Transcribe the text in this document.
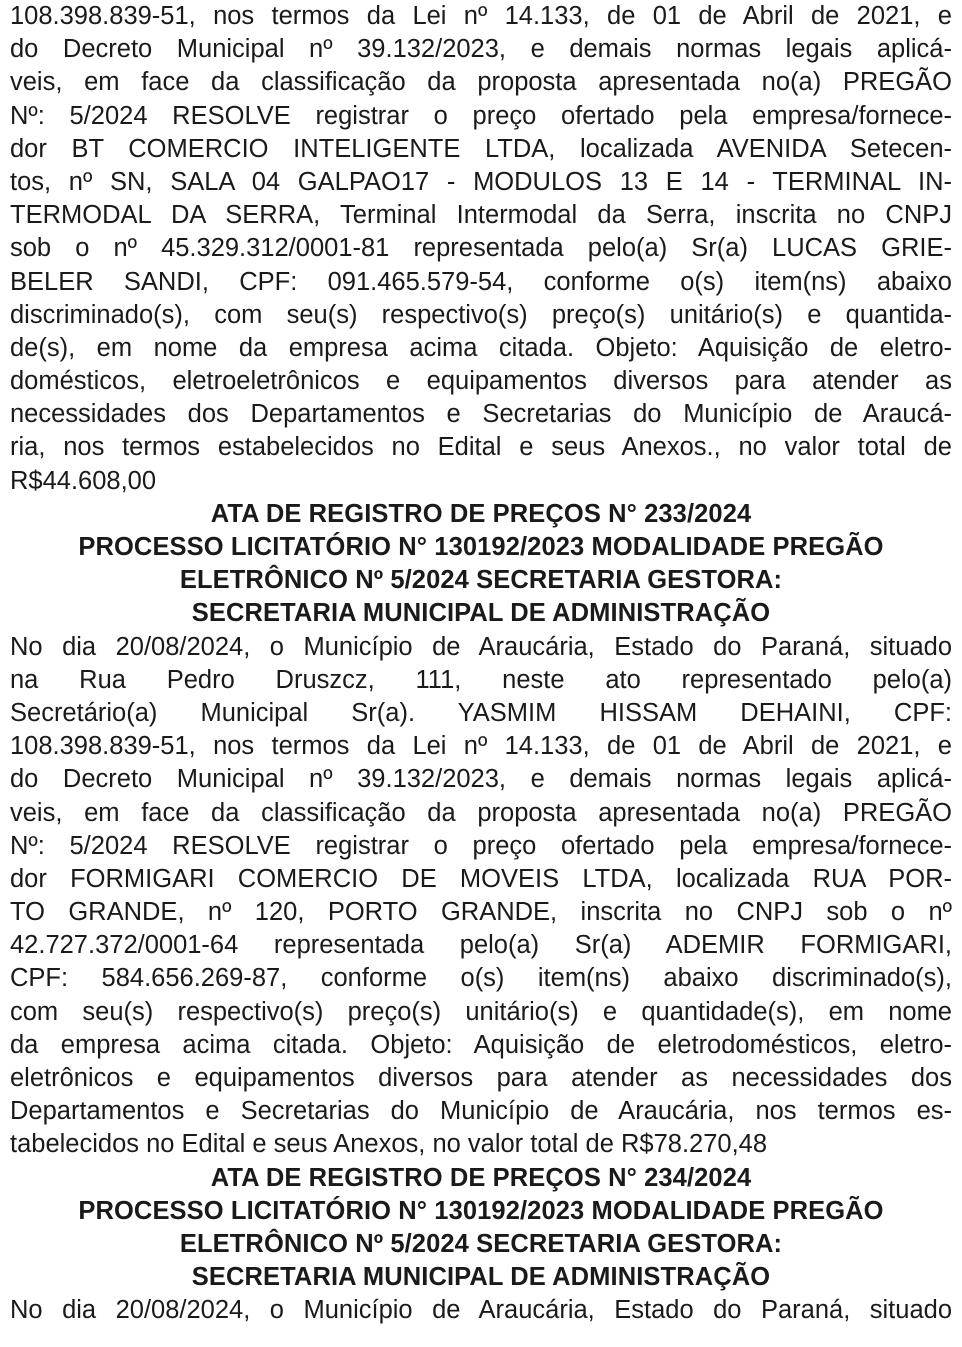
108.398.839-51, nos termos da Lei nº 14.133, de 01 de Abril de 2021, e
do Decreto Municipal nº 39.132/2023, e demais normas legais aplicá-
veis, em face da classificação da proposta apresentada no(a) PREGÃO
Nº: 5/2024 RESOLVE registrar o preço ofertado pela empresa/fornece-
dor BT COMERCIO INTELIGENTE LTDA, localizada AVENIDA Setecen-
tos, nº SN, SALA 04 GALPAO17 - MODULOS 13 E 14 - TERMINAL IN-
TERMODAL DA SERRA, Terminal Intermodal da Serra, inscrita no CNPJ
sob o nº 45.329.312/0001-81 representada pelo(a) Sr(a) LUCAS GRIE-
BELER SANDI, CPF: 091.465.579-54, conforme o(s) item(ns) abaixo
discriminado(s), com seu(s) respectivo(s) preço(s) unitário(s) e quantida-
de(s), em nome da empresa acima citada. Objeto: Aquisição de eletro-
domésticos, eletroeletrônicos e equipamentos diversos para atender as
necessidades dos Departamentos e Secretarias do Município de Araucá-
ria, nos termos estabelecidos no Edital e seus Anexos., no valor total de
R$44.608,00
ATA DE REGISTRO DE PREÇOS N° 233/2024
PROCESSO LICITATÓRIO N° 130192/2023 MODALIDADE PREGÃO
ELETRÔNICO Nº 5/2024 SECRETARIA GESTORA:
SECRETARIA MUNICIPAL DE ADMINISTRAÇÃO
No dia 20/08/2024, o Município de Araucária, Estado do Paraná, situado
na Rua Pedro Druszcz, 111, neste ato representado pelo(a)
Secretário(a) Municipal Sr(a). YASMIM HISSAM DEHAINI, CPF:
108.398.839-51, nos termos da Lei nº 14.133, de 01 de Abril de 2021, e
do Decreto Municipal nº 39.132/2023, e demais normas legais aplicá-
veis, em face da classificação da proposta apresentada no(a) PREGÃO
Nº: 5/2024 RESOLVE registrar o preço ofertado pela empresa/fornece-
dor FORMIGARI COMERCIO DE MOVEIS LTDA, localizada RUA POR-
TO GRANDE, nº 120, PORTO GRANDE, inscrita no CNPJ sob o nº
42.727.372/0001-64 representada pelo(a) Sr(a) ADEMIR FORMIGARI,
CPF: 584.656.269-87, conforme o(s) item(ns) abaixo discriminado(s),
com seu(s) respectivo(s) preço(s) unitário(s) e quantidade(s), em nome
da empresa acima citada. Objeto: Aquisição de eletrodomésticos, eletro-
eletrônicos e equipamentos diversos para atender as necessidades dos
Departamentos e Secretarias do Município de Araucária, nos termos es-
tabelecidos no Edital e seus Anexos, no valor total de R$78.270,48
ATA DE REGISTRO DE PREÇOS N° 234/2024
PROCESSO LICITATÓRIO N° 130192/2023 MODALIDADE PREGÃO
ELETRÔNICO Nº 5/2024 SECRETARIA GESTORA:
SECRETARIA MUNICIPAL DE ADMINISTRAÇÃO
No dia 20/08/2024, o Município de Araucária, Estado do Paraná, situado
